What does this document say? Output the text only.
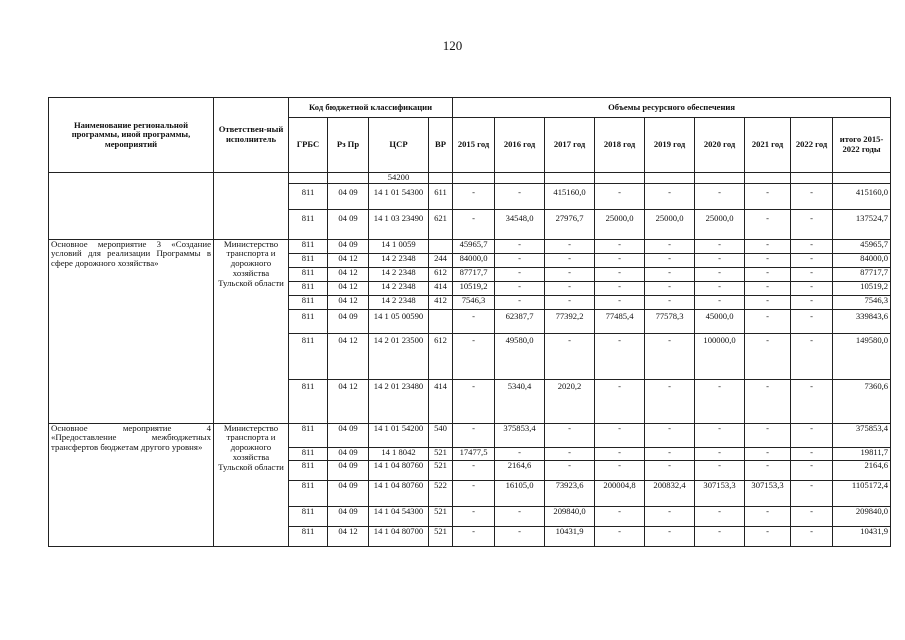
120
Наименование региональной программы, иной программы, мероприятий	Ответствен-ный исполнитель	Код бюджетной классификации				Объемы ресурсного обеспечения								
		ГРБС	Рз Пр	ЦСР	ВР	2015 год	2016 год	2017 год	2018 год	2019 год	2020 год	2021 год	2022 год	итого 2015-2022 годы
				54200										
		811	04 09	14 1 01 54300	611	-	-	415160,0	-	-	-	-	-	415160,0
		811	04 09	14 1 03 23490	621	-	34548,0	27976,7	25000,0	25000,0	25000,0	-	-	137524,7
Основное мероприятие 3 «Создание условий для реализации Программы в сфере дорожного хозяйства»	Министерство транспорта и дорожного хозяйства Тульской области	811	04 09	14 1 0059		45965,7	-	-	-	-	-	-	-	45965,7
		811	04 12	14 2 2348	244	84000,0	-	-	-	-	-	-	-	84000,0
		811	04 12	14 2 2348	612	87717,7	-	-	-	-	-	-	-	87717,7
		811	04 12	14 2 2348	414	10519,2	-	-	-	-	-	-	-	10519,2
		811	04 12	14 2 2348	412	7546,3	-	-	-	-	-	-	-	7546,3
		811	04 09	14 1 05 00590		-	62387,7	77392,2	77485,4	77578,3	45000,0	-	-	339843,6
		811	04 12	14 2 01 23500	612	-	49580,0	-	-	-	100000,0	-	-	149580,0
		811	04 12	14 2 01 23480	414	-	5340,4	2020,2	-	-	-	-	-	7360,6
Основное мероприятие 4 «Предоставление межбюджетных трансфертов бюджетам другого уровня»	Министерство транспорта и дорожного хозяйства Тульской области	811	04 09	14 1 01 54200	540	-	375853,4	-	-	-	-	-	-	375853,4
		811	04 09	14 1 8042	521	17477,5	-	-	-	-	-	-	-	19811,7
		811	04 09	14 1 04 80760	521	-	2164,6	-	-	-	-	-	-	2164,6
		811	04 09	14 1 04 80760	522	-	16105,0	73923,6	200004,8	200832,4	307153,3	307153,3	-	1105172,4
		811	04 09	14 1 04 54300	521	-	-	209840,0	-	-	-	-	-	209840,0
		811	04 12	14 1 04 80700	521	-	-	10431,9	-	-	-	-	-	10431,9
